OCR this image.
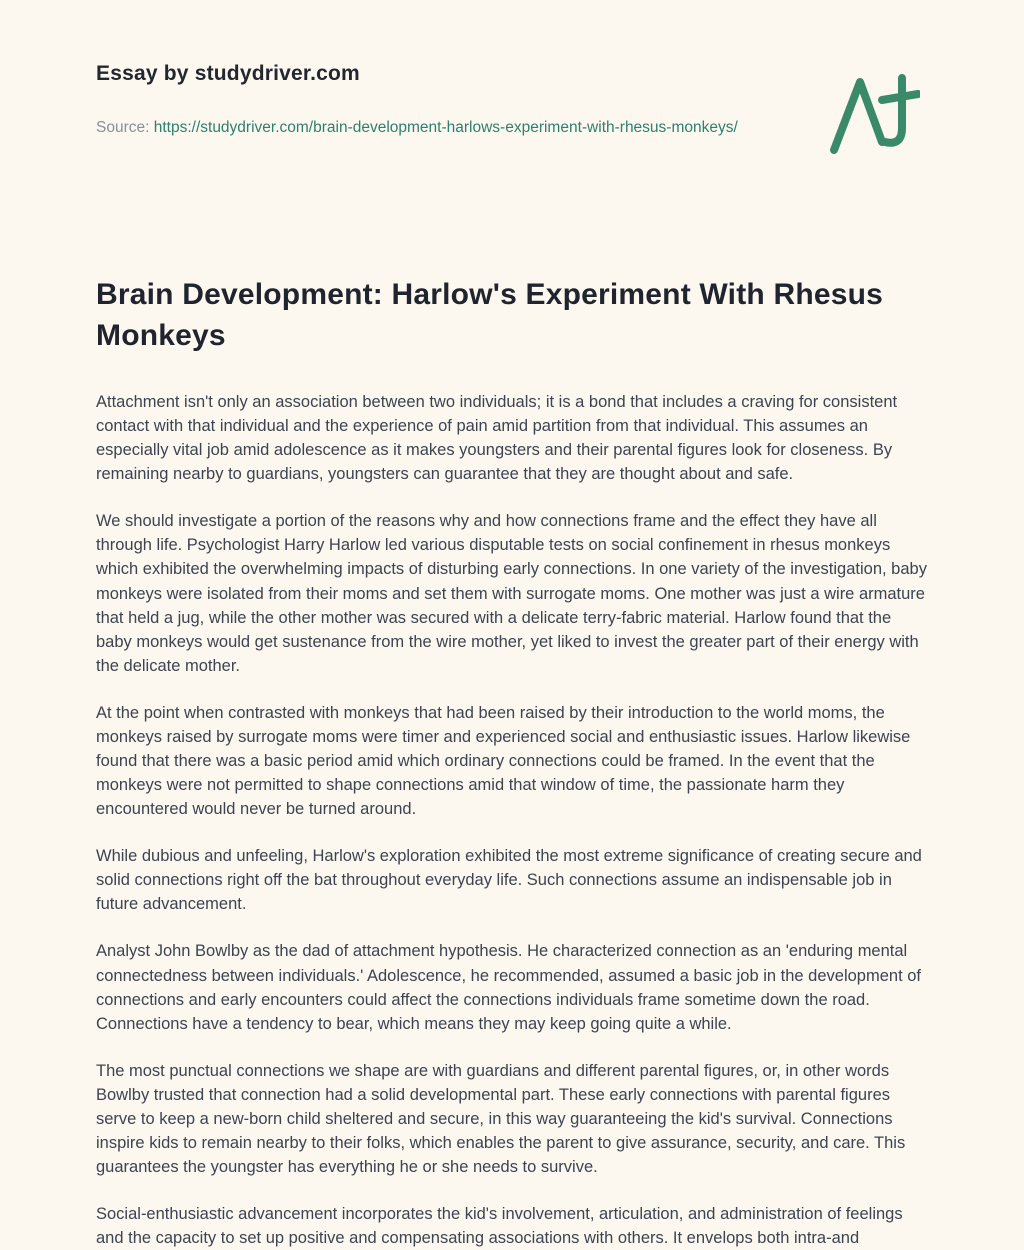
Essay by studydriver.com

Source: https://studydriver.com/brain-development-harlows-experiment-with-rhesus-monkeys/

Brain Development: Harlow's Experiment With Rhesus Monkeys

Attachment isn't only an association between two individuals; it is a bond that includes a craving for consistent contact with that individual and the experience of pain amid partition from that individual. This assumes an especially vital job amid adolescence as it makes youngsters and their parental figures look for closeness. By remaining nearby to guardians, youngsters can guarantee that they are thought about and safe.

We should investigate a portion of the reasons why and how connections frame and the effect they have all through life. Psychologist Harry Harlow led various disputable tests on social confinement in rhesus monkeys which exhibited the overwhelming impacts of disturbing early connections. In one variety of the investigation, baby monkeys were isolated from their moms and set them with surrogate moms. One mother was just a wire armature that held a jug, while the other mother was secured with a delicate terry-fabric material. Harlow found that the baby monkeys would get sustenance from the wire mother, yet liked to invest the greater part of their energy with the delicate mother.

At the point when contrasted with monkeys that had been raised by their introduction to the world moms, the monkeys raised by surrogate moms were timer and experienced social and enthusiastic issues. Harlow likewise found that there was a basic period amid which ordinary connections could be framed. In the event that the monkeys were not permitted to shape connections amid that window of time, the passionate harm they encountered would never be turned around.

While dubious and unfeeling, Harlow's exploration exhibited the most extreme significance of creating secure and solid connections right off the bat throughout everyday life. Such connections assume an indispensable job in future advancement.

Analyst John Bowlby as the dad of attachment hypothesis. He characterized connection as an 'enduring mental connectedness between individuals.' Adolescence, he recommended, assumed a basic job in the development of connections and early encounters could affect the connections individuals frame sometime down the road. Connections have a tendency to bear, which means they may keep going quite a while.

The most punctual connections we shape are with guardians and different parental figures, or, in other words Bowlby trusted that connection had a solid developmental part. These early connections with parental figures serve to keep a new-born child sheltered and secure, in this way guaranteeing the kid's survival. Connections inspire kids to remain nearby to their folks, which enables the parent to give assurance, security, and care. This guarantees the youngster has everything he or she needs to survive.

Social-enthusiastic advancement incorporates the kid's involvement, articulation, and administration of feelings and the capacity to set up positive and compensating associations with others. It envelops both intra-and
